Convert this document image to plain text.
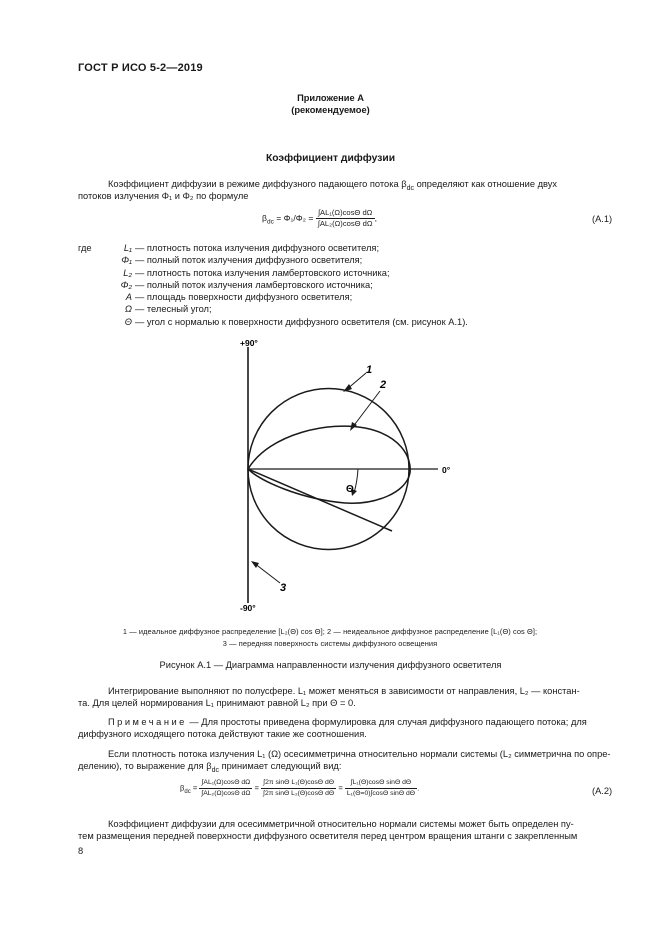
ГОСТ Р ИСО 5-2—2019
Приложение А
(рекомендуемое)
Коэффициент диффузии
Коэффициент диффузии в режиме диффузного падающего потока $\beta_{dc}$ определяют как отношение двух
потоков излучения Φ₁ и Φ₂ по формуле
$\beta_{dc} = \Phi_1/\Phi_2 = \frac{\text{∫AL₁(Ω)cosΘ dΩ}}{\text{∫AL₂(Ω)cosΘ dΩ}}$ ,	(A.1)
где	L₁ — плотность потока излучения диффузного осветителя;
Φ₁ — полный поток излучения диффузного осветителя;
L₂ — плотность потока излучения ламбертовского источника;
Φ₂ — полный поток излучения ламбертовского источника;
A — площадь поверхности диффузного осветителя;
Ω — телесный угол;
Θ — угол с нормалью к поверхности диффузного осветителя (см. рисунок А.1).
Θ
+90°
-90°
0°
1
2
3
1 — идеальное диффузное распределение [L₂(Θ) cos Θ]; 2 — неидеальное диффузное распределение [L₁(Θ) cos Θ];
3 — передняя поверхность системы диффузного освещения
Рисунок А.1 — Диаграмма направленности излучения диффузного осветителя
Интегрирование выполняют по полусфере. L₁ может меняться в зависимости от направления, L₂ — констан-
та. Для целей нормирования L₁ принимают равной L₂ при Θ = 0.
Примечание — Для простоты приведена формулировка для случая диффузного падающего потока; для
диффузного исходящего потока действуют такие же соотношения.
Если плотность потока излучения L₁ (Ω) осесимметрична относительно нормали системы (L₂ симметрична по опре-
делению), то выражение для $\beta_{dc}$ принимает следующий вид:
$\beta_{dc} = \frac{\text{∫AL₁(Ω)cosΘ dΩ}}{\text{∫AL₂(Ω)cosΘ dΩ}} = \frac{\text{∫2π sinΘ L₁(Θ)cosΘ dΘ}}{\text{∫2π sinΘ L₂(Θ)cosΘ dΘ}} = \frac{\text{∫L₁(Θ)cosΘ sinΘ dΘ}}{\text{L₁(Θ=0)∫cosΘ sinΘ dΘ}}$ .	(A.2)
Коэффициент диффузии для осесимметричной относительно нормали системы может быть определен пу-
тем размещения передней поверхности диффузного осветителя перед центром вращения штанги с закрепленным
8
